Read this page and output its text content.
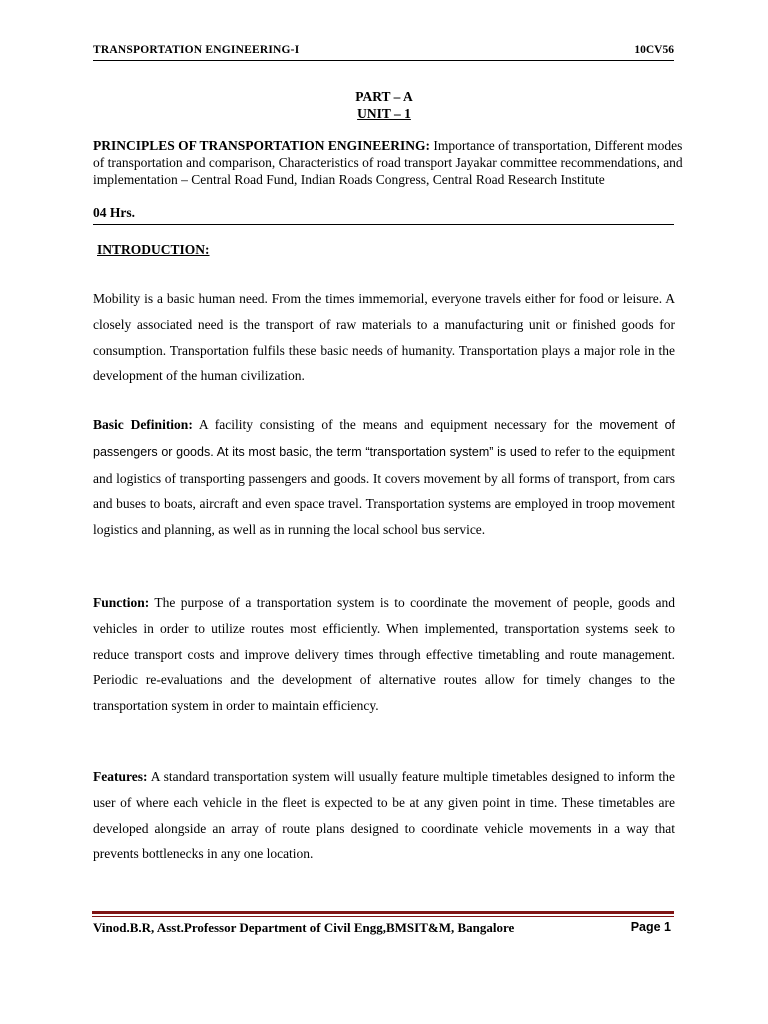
TRANSPORTATION ENGINEERING-I	10CV56
PART – A
UNIT – 1
PRINCIPLES OF TRANSPORTATION ENGINEERING: Importance of transportation, Different modes of transportation and comparison, Characteristics of road transport Jayakar committee recommendations, and implementation – Central Road Fund, Indian Roads Congress, Central Road Research Institute
04 Hrs.
INTRODUCTION:
Mobility is a basic human need. From the times immemorial, everyone travels either for food or leisure. A closely associated need is the transport of raw materials to a manufacturing unit or finished goods for consumption. Transportation fulfils these basic needs of humanity. Transportation plays a major role in the development of the human civilization.
Basic Definition: A facility consisting of the means and equipment necessary for the movement of passengers or goods. At its most basic, the term “transportation system” is used to refer to the equipment and logistics of transporting passengers and goods. It covers movement by all forms of transport, from cars and buses to boats, aircraft and even space travel. Transportation systems are employed in troop movement logistics and planning, as well as in running the local school bus service.
Function: The purpose of a transportation system is to coordinate the movement of people, goods and vehicles in order to utilize routes most efficiently. When implemented, transportation systems seek to reduce transport costs and improve delivery times through effective timetabling and route management. Periodic re-evaluations and the development of alternative routes allow for timely changes to the transportation system in order to maintain efficiency.
Features: A standard transportation system will usually feature multiple timetables designed to inform the user of where each vehicle in the fleet is expected to be at any given point in time. These timetables are developed alongside an array of route plans designed to coordinate vehicle movements in a way that prevents bottlenecks in any one location.
Vinod.B.R, Asst.Professor Department of Civil Engg,BMSIT&M, Bangalore	Page 1
